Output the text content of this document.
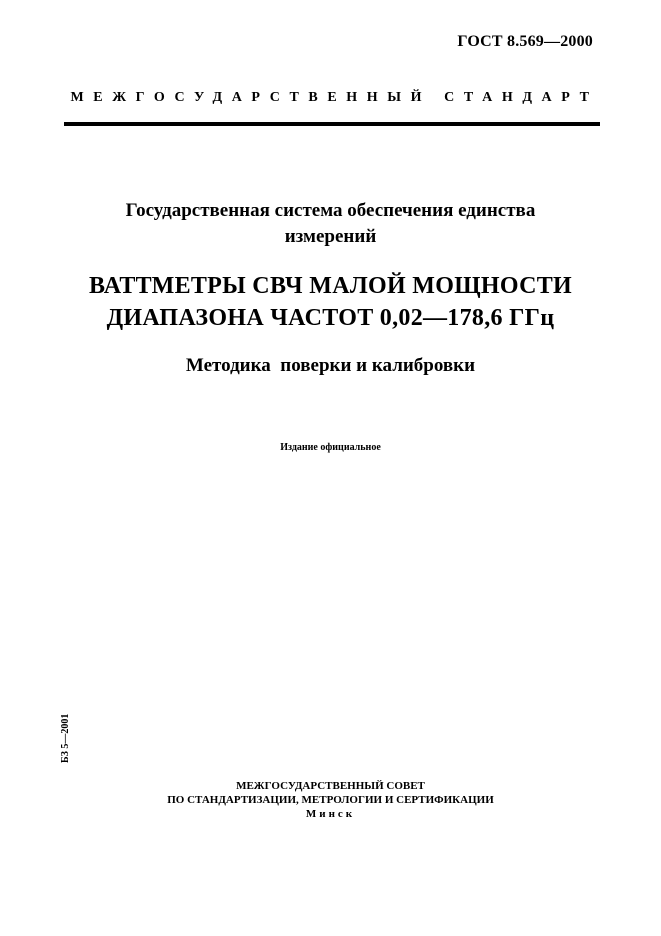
ГОСТ 8.569—2000
МЕЖГОСУДАРСТВЕННЫЙ СТАНДАРТ
Государственная система обеспечения единства
измерений
ВАТТМЕТРЫ СВЧ МАЛОЙ МОЩНОСТИ
ДИАПАЗОНА ЧАСТОТ 0,02—178,6 ГГц
Методика  поверки и калибровки
Издание официальное
БЗ 5—2001
МЕЖГОСУДАРСТВЕННЫЙ СОВЕТ
ПО СТАНДАРТИЗАЦИИ, МЕТРОЛОГИИ И СЕРТИФИКАЦИИ
Минск
